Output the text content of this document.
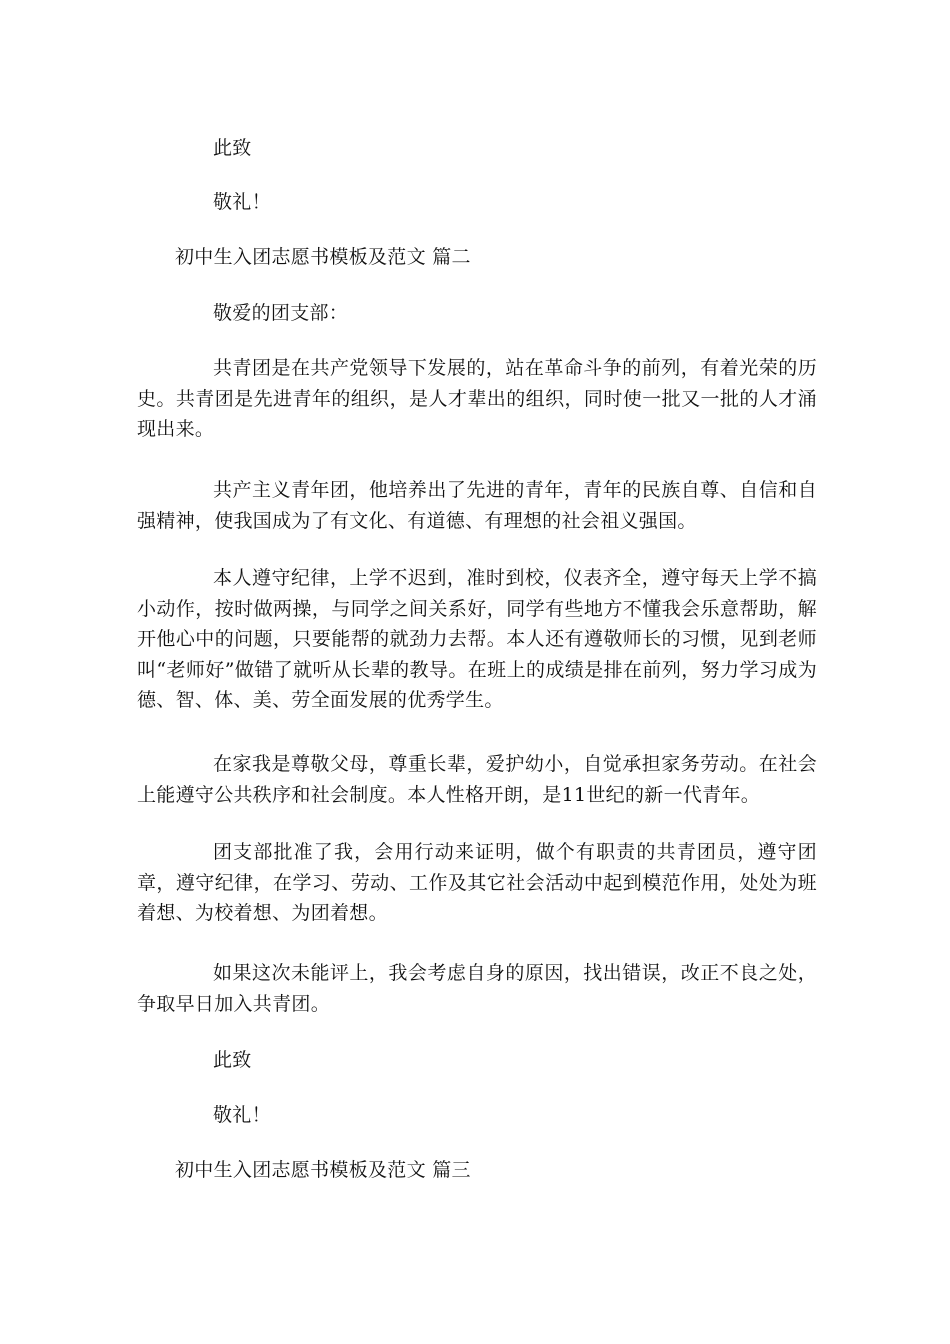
此致
敬礼！
初中生入团志愿书模板及范文 篇二
敬爱的团支部：
共青团是在共产党领导下发展的，站在革命斗争的前列，有着光荣的历史。共青团是先进青年的组织，是人才辈出的组织，同时使一批又一批的人才涌现出来。
共产主义青年团，他培养出了先进的青年，青年的民族自尊、自信和自强精神，使我国成为了有文化、有道德、有理想的社会祖义强国。
本人遵守纪律，上学不迟到，准时到校，仪表齐全，遵守每天上学不搞小动作，按时做两操，与同学之间关系好，同学有些地方不懂我会乐意帮助，解开他心中的问题，只要能帮的就劲力去帮。本人还有遵敬师长的习惯，见到老师叫“老师好”做错了就听从长辈的教导。在班上的成绩是排在前列，努力学习成为德、智、体、美、劳全面发展的优秀学生。
在家我是尊敬父母，尊重长辈，爱护幼小，自觉承担家务劳动。在社会上能遵守公共秩序和社会制度。本人性格开朗，是11世纪的新一代青年。
团支部批准了我，会用行动来证明，做个有职责的共青团员，遵守团章，遵守纪律，在学习、劳动、工作及其它社会活动中起到模范作用，处处为班着想、为校着想、为团着想。
如果这次未能评上，我会考虑自身的原因，找出错误，改正不良之处，争取早日加入共青团。
此致
敬礼！
初中生入团志愿书模板及范文 篇三
